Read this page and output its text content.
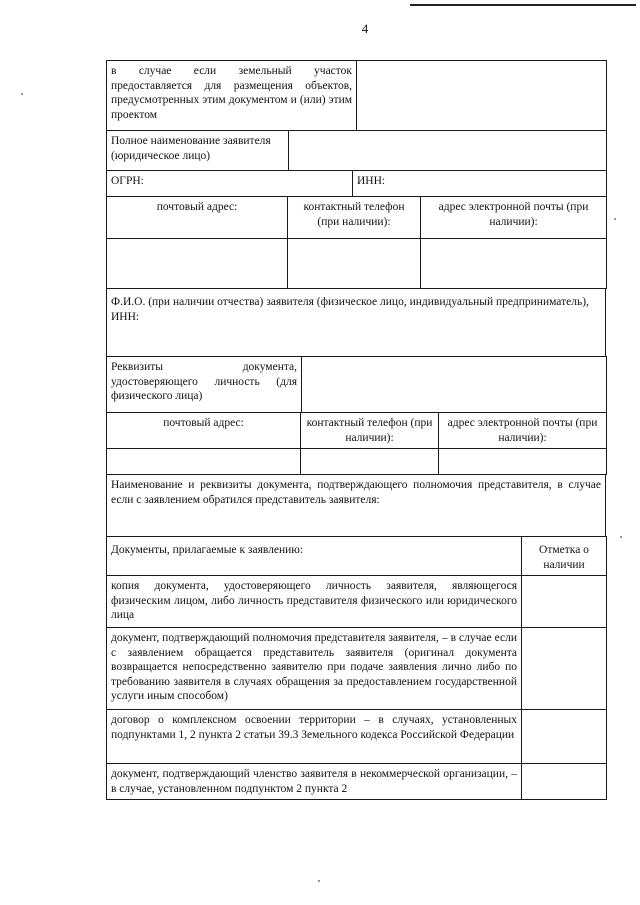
4
в случае если земельный участок предоставляется для размещения объектов, предусмотренных этим документом и (или) этим проектом	
Полное наименование заявителя (юридическое лицо)	
ОГРН:	ИНН:
почтовый адрес:	контактный телефон (при наличии):	адрес электронной почты (при наличии):

Ф.И.О. (при наличии отчества) заявителя (физическое лицо, индивидуальный предприниматель), ИНН:
Реквизиты документа, удостоверяющего личность (для физического лица)	
почтовый адрес:	контактный телефон (при наличии):	адрес электронной почты (при наличии):

Наименование и реквизиты документа, подтверждающего полномочия представителя, в случае если с заявлением обратился представитель заявителя:
Документы, прилагаемые к заявлению:	Отметка о наличии
копия документа, удостоверяющего личность заявителя, являющегося физическим лицом, либо личность представителя физического или юридического лица	
документ, подтверждающий полномочия представителя заявителя, – в случае если с заявлением обращается представитель заявителя (оригинал документа возвращается непосредственно заявителю при подаче заявления лично либо по требованию заявителя в случаях обращения за предоставлением государственной услуги иным способом)	
договор о комплексном освоении территории – в случаях, установленных подпунктами 1, 2 пункта 2 статьи 39.3 Земельного кодекса Российской Федерации	
документ, подтверждающий членство заявителя в некоммерческой организации, – в случае, установленном подпунктом 2 пункта 2	
